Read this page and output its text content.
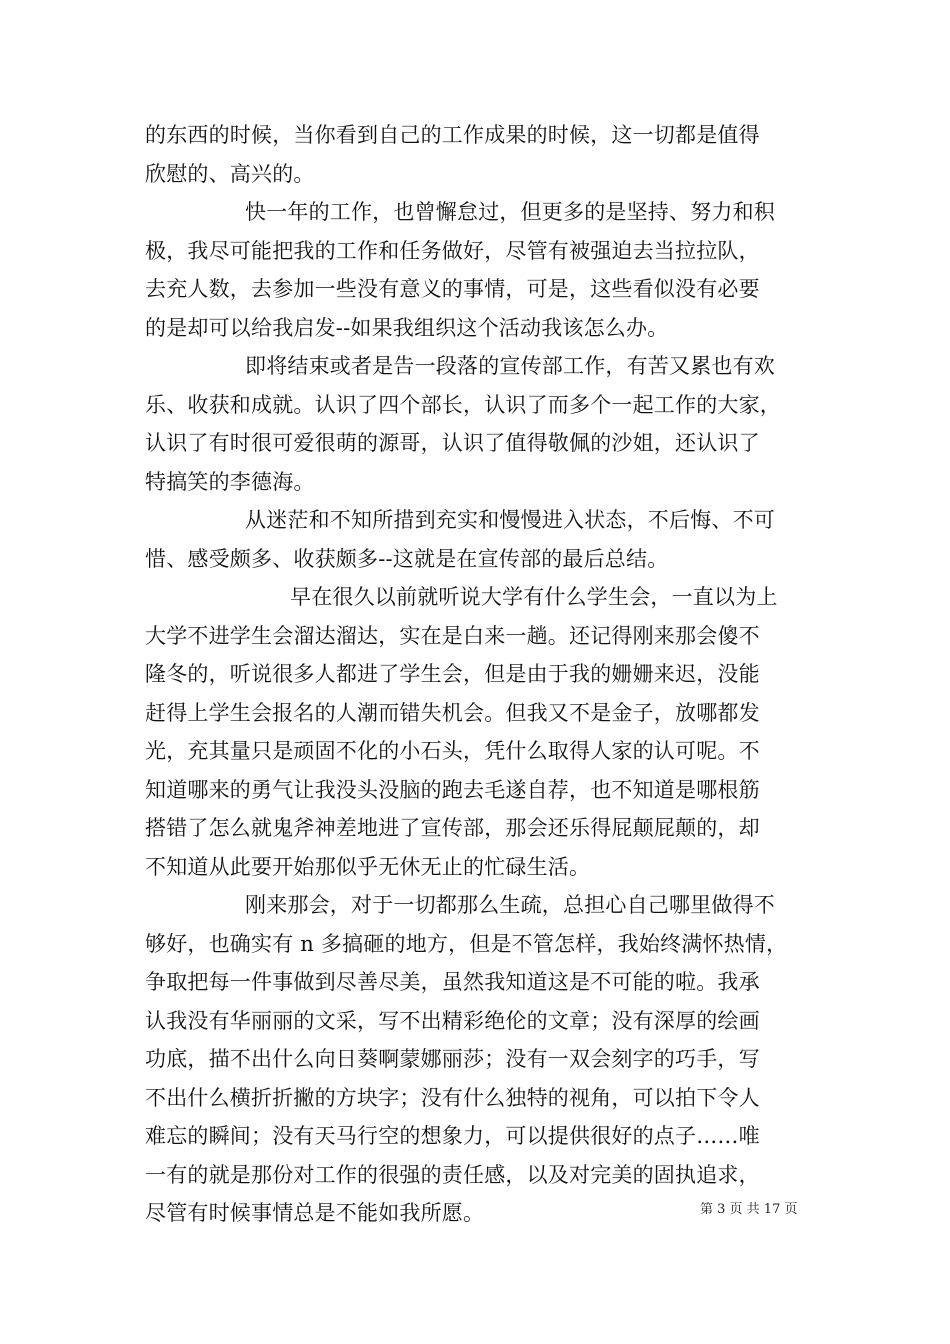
的东西的时候，当你看到自己的工作成果的时候，这一切都是值得
欣慰的、高兴的。
快一年的工作，也曾懈怠过，但更多的是坚持、努力和积
极，我尽可能把我的工作和任务做好，尽管有被强迫去当拉拉队，
去充人数，去参加一些没有意义的事情，可是，这些看似没有必要
的是却可以给我启发--如果我组织这个活动我该怎么办。
即将结束或者是告一段落的宣传部工作，有苦又累也有欢
乐、收获和成就。认识了四个部长，认识了而多个一起工作的大家，
认识了有时很可爱很萌的源哥，认识了值得敬佩的沙姐，还认识了
特搞笑的李德海。
从迷茫和不知所措到充实和慢慢进入状态，不后悔、不可
惜、感受颇多、收获颇多--这就是在宣传部的最后总结。
早在很久以前就听说大学有什么学生会，一直以为上
大学不进学生会溜达溜达，实在是白来一趟。还记得刚来那会傻不
隆冬的，听说很多人都进了学生会，但是由于我的姗姗来迟，没能
赶得上学生会报名的人潮而错失机会。但我又不是金子，放哪都发
光，充其量只是顽固不化的小石头，凭什么取得人家的认可呢。不
知道哪来的勇气让我没头没脑的跑去毛遂自荐，也不知道是哪根筋
搭错了怎么就鬼斧神差地进了宣传部，那会还乐得屁颠屁颠的，却
不知道从此要开始那似乎无休无止的忙碌生活。
刚来那会，对于一切都那么生疏，总担心自己哪里做得不
够好，也确实有 n 多搞砸的地方，但是不管怎样，我始终满怀热情，
争取把每一件事做到尽善尽美，虽然我知道这是不可能的啦。我承
认我没有华丽丽的文采，写不出精彩绝伦的文章；没有深厚的绘画
功底，描不出什么向日葵啊蒙娜丽莎；没有一双会刻字的巧手，写
不出什么横折折撇的方块字；没有什么独特的视角，可以拍下令人
难忘的瞬间；没有天马行空的想象力，可以提供很好的点子……唯
一有的就是那份对工作的很强的责任感，以及对完美的固执追求，
尽管有时候事情总是不能如我所愿。	第 3 页 共 17 页
